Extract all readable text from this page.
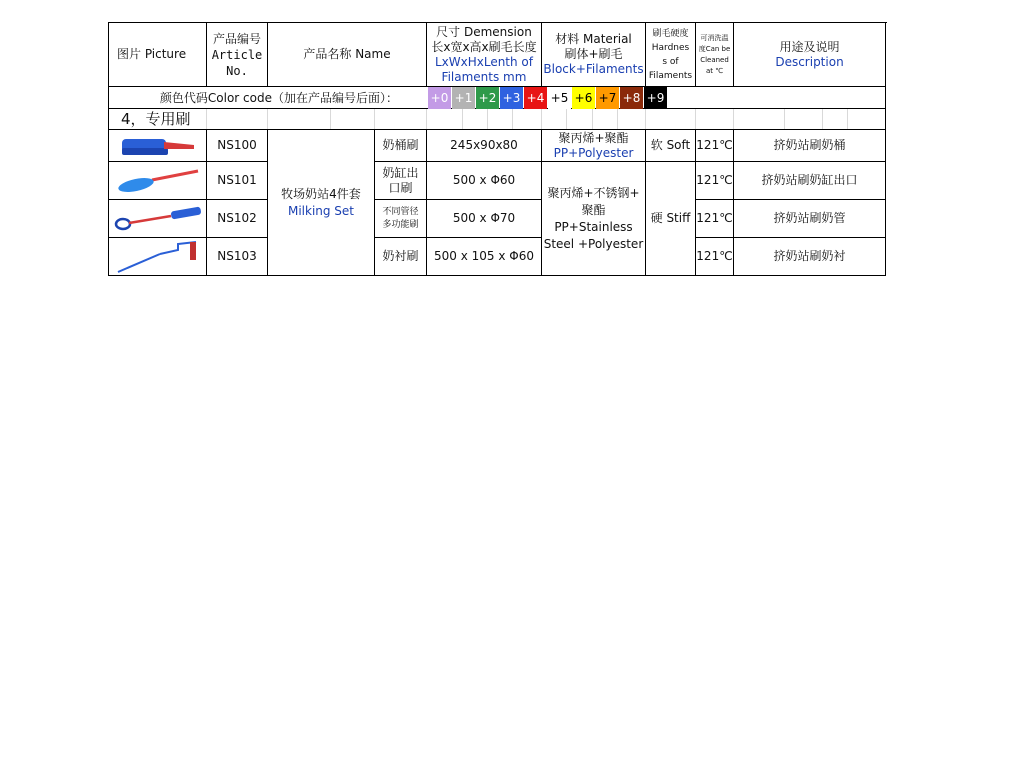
图片 Picture
产品编号
Article
No.
产品名称 Name
尺寸 Demension
长x宽x高x刷毛长度
LxWxHxLenth of
Filaments mm
材料 Material
刷体+刷毛
Block+Filaments
刷毛硬度
Hardnes
s of
Filaments
可消洗温
度Can be
Cleaned
at ℃
用途及说明
Description
颜色代码Color code（加在产品编号后面）：	+0 +1 +2 +3 +4 +5 +6 +7 +8 +9
4，专用刷
NS100
NS101
NS102
NS103
牧场奶站4件套
Milking Set
奶桶刷
奶缸出
口刷
不同管径
多功能刷
奶衬刷
245x90x80
500 x Φ60
500 x Φ70
500 x 105 x Φ60
聚丙烯+聚酯
PP+Polyester
聚丙烯+不锈钢+
聚酯
PP+Stainless
Steel +Polyester
软 Soft
硬 Stiff
121℃
121℃
121℃
121℃
挤奶站刷奶桶
挤奶站刷奶缸出口
挤奶站刷奶管
挤奶站刷奶衬
